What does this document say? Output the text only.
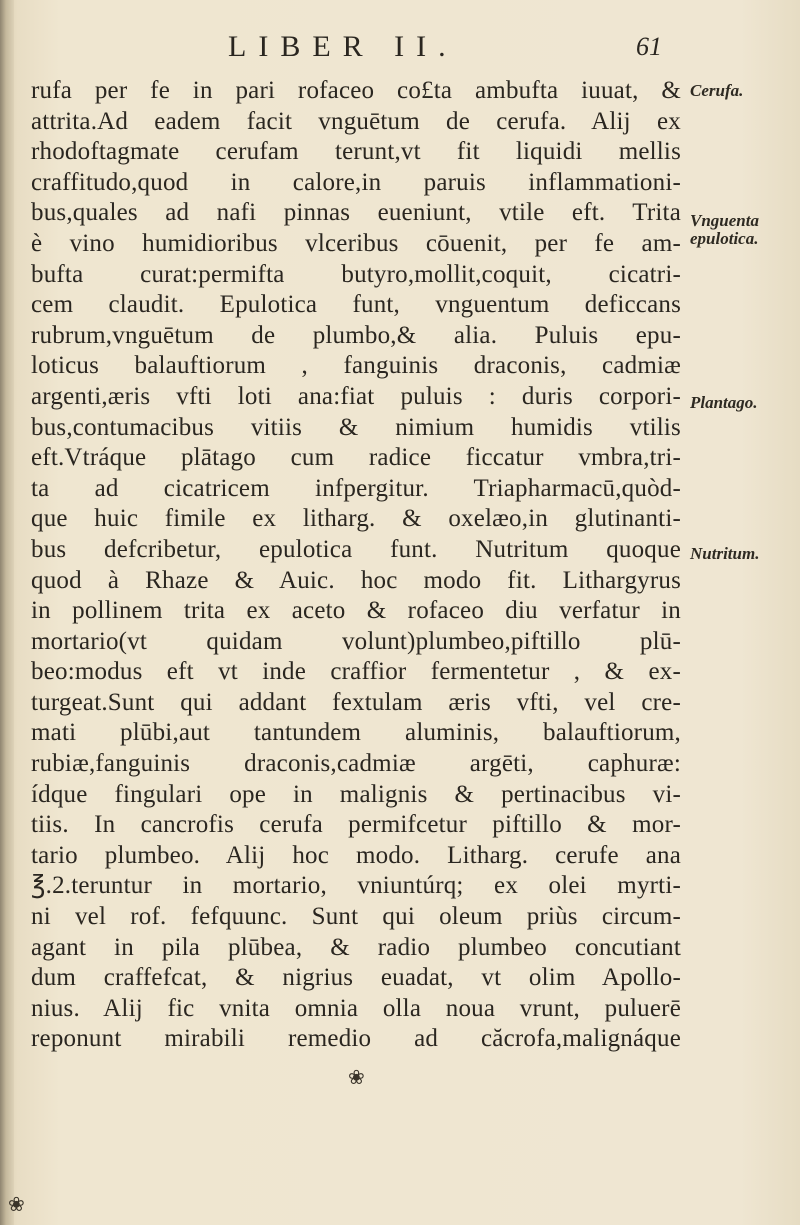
LIBER II.	61
rufa per fe in pari rofaceo co£ta ambufta iuuat, &
attrita.Ad eadem facit vnguētum de cerufa. Alij ex
rhodoftagmate cerufam terunt,vt fit liquidi mellis
craffitudo,quod in calore,in paruis inflammationi-
bus,quales ad nafi pinnas eueniunt, vtile eft. Trita
è vino humidioribus vlceribus cōuenit, per fe am-
bufta curat:permifta butyro,mollit,coquit, cicatri-
cem claudit. Epulotica funt, vnguentum deficcans
rubrum,vnguētum de plumbo,& alia. Puluis epu-
loticus balauftiorum , fanguinis draconis, cadmiæ
argenti,æris vfti loti ana:fiat puluis : duris corpori-
bus,contumacibus vitiis & nimium humidis vtilis
eft.Vtráque plātago cum radice ficcatur vmbra,tri-
ta ad cicatricem infpergitur. Triapharmacū,quòd-
que huic fimile ex litharg. & oxelæo,in glutinanti-
bus defcribetur, epulotica funt. Nutritum quoque
quod à Rhaze & Auic. hoc modo fit. Lithargyrus
in pollinem trita ex aceto & rofaceo diu verfatur in
mortario(vt quidam volunt)plumbeo,piftillo plū-
beo:modus eft vt inde craffior fermentetur , & ex-
turgeat.Sunt qui addant fextulam æris vfti, vel cre-
mati plūbi,aut tantundem aluminis, balauftiorum,
rubiæ,fanguinis draconis,cadmiæ argēti, caphuræ:
ídque fingulari ope in malignis & pertinacibus vi-
tiis. In cancrofis cerufa permifcetur piftillo & mor-
tario plumbeo. Alij hoc modo. Litharg. cerufe ana
℥.2.teruntur in mortario, vniuntúrq; ex olei myrti-
ni vel rof. fefquunc. Sunt qui oleum priùs circum-
agant in pila plūbea, & radio plumbeo concutiant
dum craffefcat, & nigrius euadat, vt olim Apollo-
nius. Alij fic vnita omnia olla noua vrunt, puluerē
reponunt mirabili remedio ad căcrofa,malignáque
Cerufa.
Vnguenta epulotica.
Plantago.
Nutritum.
❀
❀
